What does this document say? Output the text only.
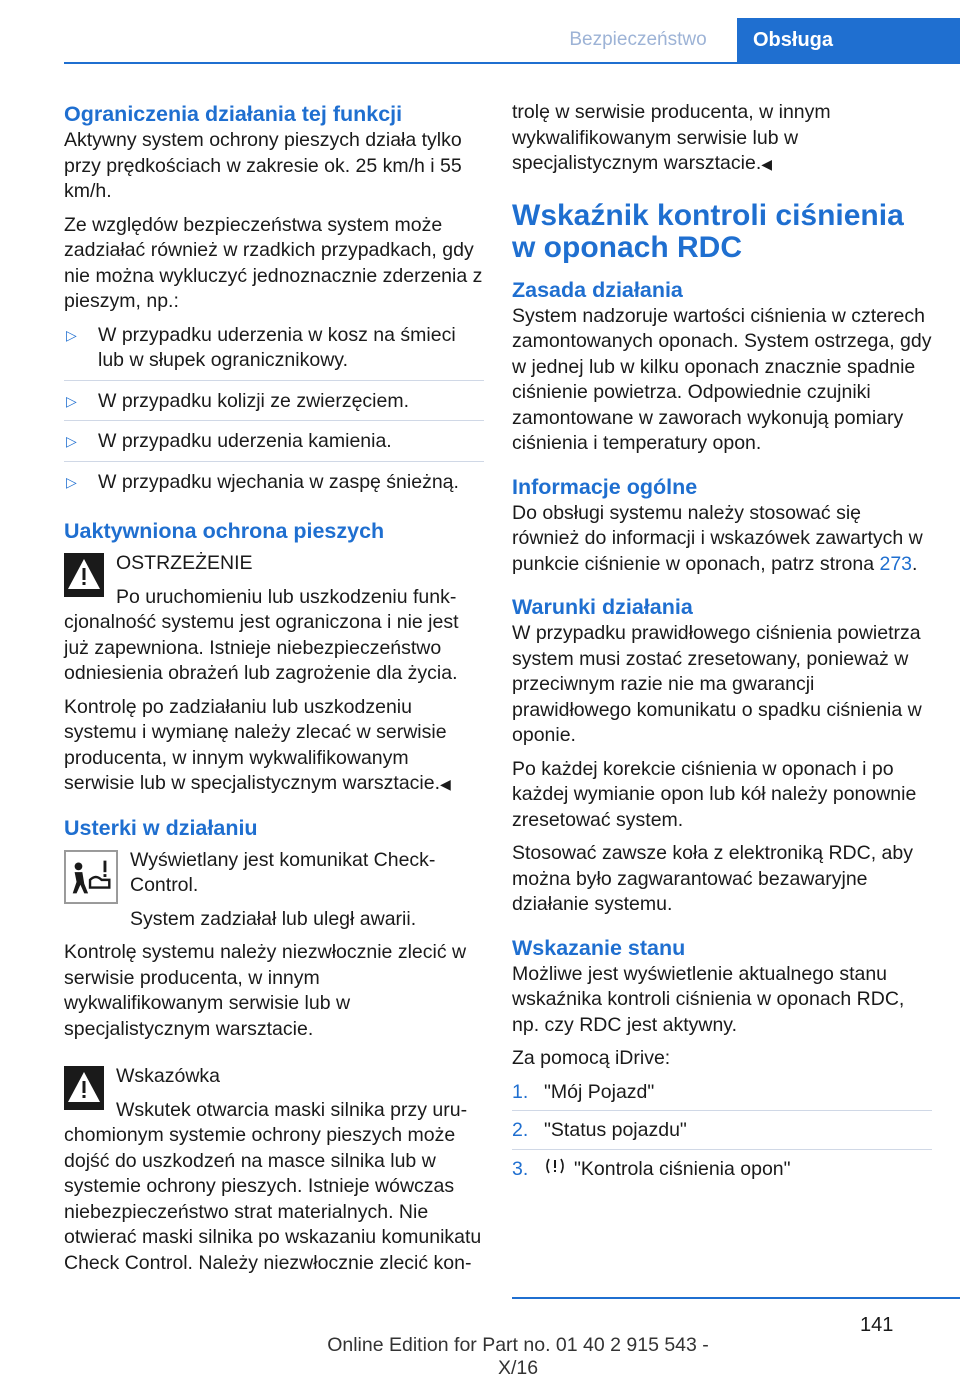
Bezpieczeństwo	Obsługa
Ograniczenia działania tej funkcji

Aktywny system ochrony pieszych działa tylko przy prędkościach w zakresie ok. 25 km/h i 55 km/h.

Ze względów bezpieczeństwa system może zadziałać również w rzadkich przypadkach, gdy nie można wykluczyć jednoznacznie zderzenia z pieszym, np.:

▷ W przypadku uderzenia w kosz na śmieci lub w słupek ogranicznikowy.
▷ W przypadku kolizji ze zwierzęciem.
▷ W przypadku uderzenia kamienia.
▷ W przypadku wjechania w zaspę śnieżną.
Uaktywniona ochrona pieszych

OSTRZEŻENIE

Po uruchomieniu lub uszkodzeniu funk-

cjonalność systemu jest ograniczona i nie jest już zapewniona. Istnieje niebezpieczeństwo odniesienia obrażeń lub zagrożenie dla życia.

Kontrolę po zadziałaniu lub uszkodzeniu systemu i wymianę należy zlecać w serwisie producenta, w innym wykwalifikowanym serwisie lub w specjalistycznym warsztacie.◀

Usterki w działaniu

Wyświetlany jest komunikat Check-Control.

System zadziałał lub uległ awarii.

Kontrolę systemu należy niezwłocznie zlecić w serwisie producenta, w innym wykwalifikowanym serwisie lub w specjalistycznym warsztacie.

Wskazówka

Wskutek otwarcia maski silnika przy uru-

chomionym systemie ochrony pieszych może dojść do uszkodzeń na masce silnika lub w systemie ochrony pieszych. Istnieje wówczas niebezpieczeństwo strat materialnych. Nie otwierać maski silnika po wskazaniu komunikatu Check Control. Należy niezwłocznie zlecić kon-

trolę w serwisie producenta, w innym wykwalifikowanym serwisie lub w specjalistycznym warsztacie.◀

Wskaźnik kontroli ciśnienia w oponach RDC
Zasada działania

System nadzoruje wartości ciśnienia w czterech zamontowanych oponach. System ostrzega, gdy w jednej lub w kilku oponach znacznie spadnie ciśnienie powietrza. Odpowiednie czujniki zamontowane w zaworach wykonują pomiary ciśnienia i temperatury opon.

Informacje ogólne

Do obsługi systemu należy stosować się również do informacji i wskazówek zawartych w punkcie ciśnienie w oponach, patrz strona 273.

Warunki działania

W przypadku prawidłowego ciśnienia powietrza system musi zostać zresetowany, ponieważ w przeciwnym razie nie ma gwarancji prawidłowego komunikatu o spadku ciśnienia w oponie.

Po każdej korekcie ciśnienia w oponach i po każdej wymianie opon lub kół należy ponownie zresetować system.

Stosować zawsze koła z elektroniką RDC, aby można było zagwarantować bezawaryjne działanie systemu.

Wskazanie stanu

Możliwe jest wyświetlenie aktualnego stanu wskaźnika kontroli ciśnienia w oponach RDC, np. czy RDC jest aktywny.

Za pomocą iDrive:

1. "Mój Pojazd"
2. "Status pojazdu"
3. "Kontrola ciśnienia opon"
141
Online Edition for Part no. 01 40 2 915 543 - X/16
